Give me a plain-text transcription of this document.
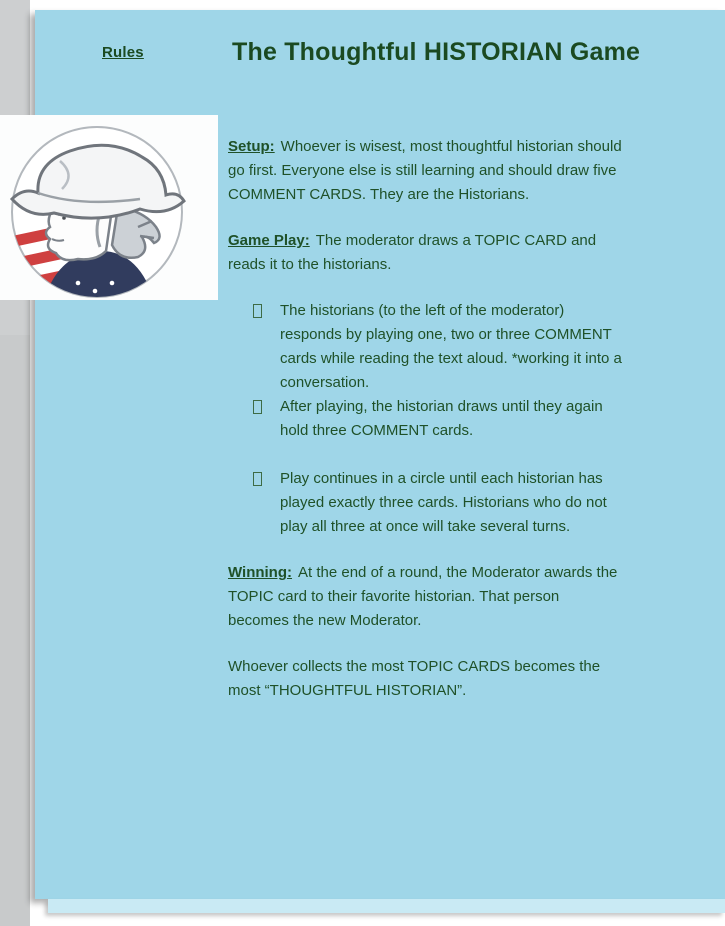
Rules	The Thoughtful HISTORIAN Game

Setup: Whoever is wisest, most thoughtful historian should go first. Everyone else is still learning and should draw five COMMENT CARDS. They are the Historians.

Game Play: The moderator draws a TOPIC CARD and reads it to the historians.

The historians (to the left of the moderator) responds by playing one, two or three COMMENT cards while reading the text aloud. *working it into a conversation.
After playing, the historian draws until they again hold three COMMENT cards.
Play continues in a circle until each historian has played exactly three cards. Historians who do not play all three at once will take several turns.

Winning: At the end of a round, the Moderator awards the TOPIC card to their favorite historian. That person becomes the new Moderator.

Whoever collects the most TOPIC CARDS becomes the most “THOUGHTFUL HISTORIAN”.
